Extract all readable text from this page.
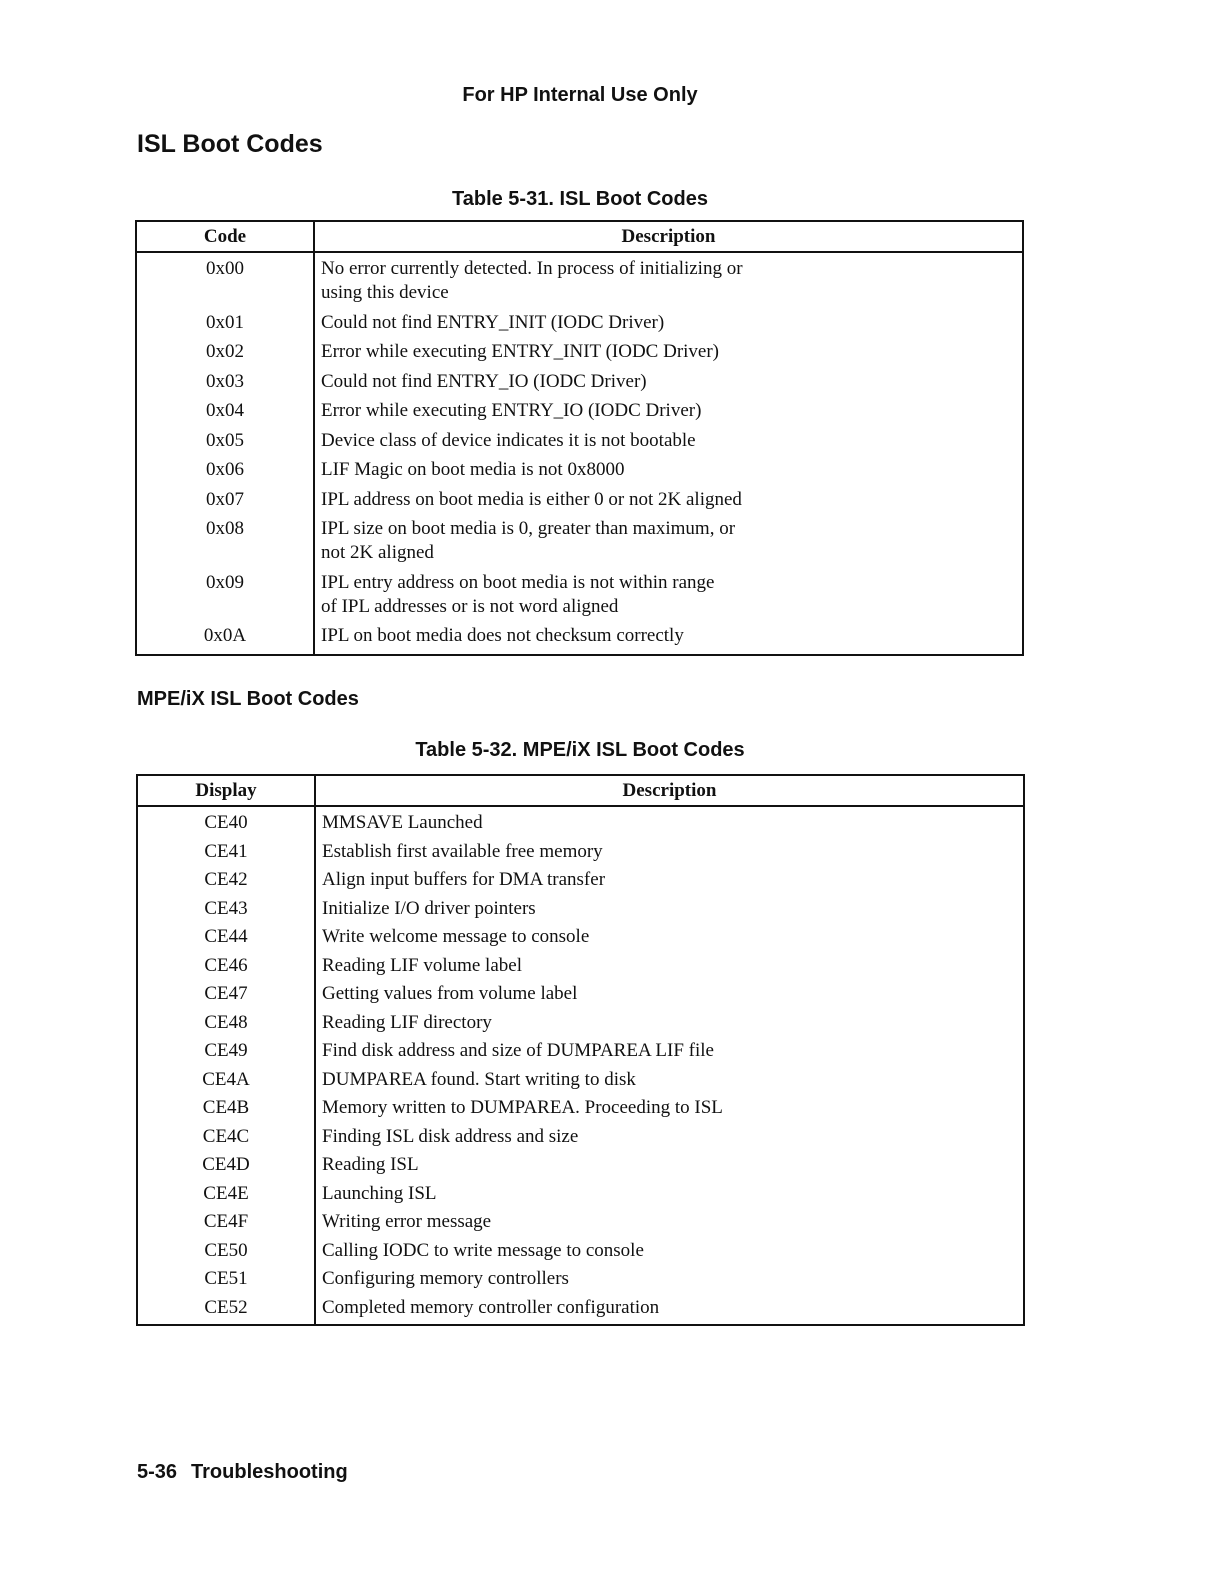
For HP Internal Use Only
ISL Boot Codes
Table 5-31. ISL Boot Codes
Code	Description
0x00	No error currently detected. In process of initializing or
using this device
0x01	Could not find ENTRY_INIT (IODC Driver)
0x02	Error while executing ENTRY_INIT (IODC Driver)
0x03	Could not find ENTRY_IO (IODC Driver)
0x04	Error while executing ENTRY_IO (IODC Driver)
0x05	Device class of device indicates it is not bootable
0x06	LIF Magic on boot media is not 0x8000
0x07	IPL address on boot media is either 0 or not 2K aligned
0x08	IPL size on boot media is 0, greater than maximum, or
not 2K aligned
0x09	IPL entry address on boot media is not within range
of IPL addresses or is not word aligned
0x0A	IPL on boot media does not checksum correctly
MPE/iX ISL Boot Codes
Table 5-32. MPE/iX ISL Boot Codes
Display	Description
CE40	MMSAVE Launched
CE41	Establish first available free memory
CE42	Align input buffers for DMA transfer
CE43	Initialize I/O driver pointers
CE44	Write welcome message to console
CE46	Reading LIF volume label
CE47	Getting values from volume label
CE48	Reading LIF directory
CE49	Find disk address and size of DUMPAREA LIF file
CE4A	DUMPAREA found. Start writing to disk
CE4B	Memory written to DUMPAREA. Proceeding to ISL
CE4C	Finding ISL disk address and size
CE4D	Reading ISL
CE4E	Launching ISL
CE4F	Writing error message
CE50	Calling IODC to write message to console
CE51	Configuring memory controllers
CE52	Completed memory controller configuration
5-36 Troubleshooting
